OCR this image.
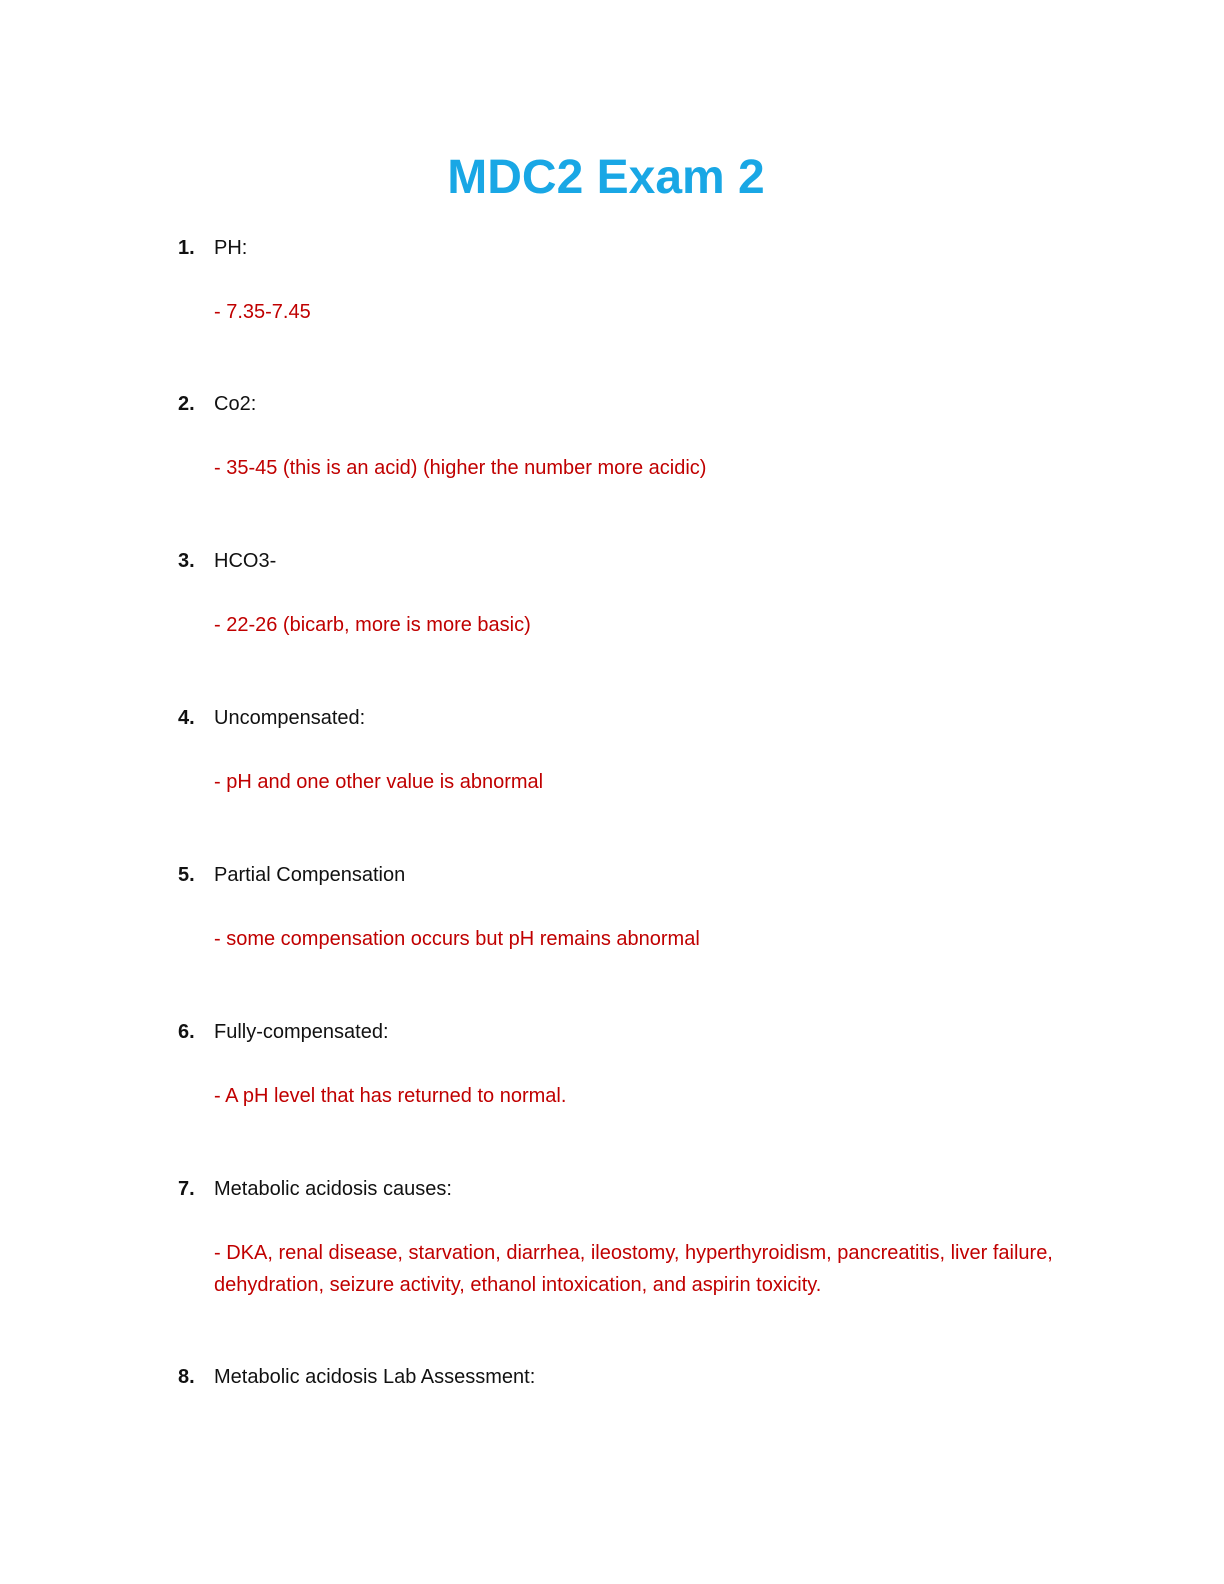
MDC2 Exam 2
1. PH:
- 7.35-7.45
2. Co2:
- 35-45 (this is an acid) (higher the number more acidic)
3. HCO3-
- 22-26 (bicarb, more is more basic)
4. Uncompensated:
- pH and one other value is abnormal
5. Partial Compensation
- some compensation occurs but pH remains abnormal
6. Fully-compensated:
- A pH level that has returned to normal.
7. Metabolic acidosis causes:
- DKA, renal disease, starvation, diarrhea, ileostomy, hyperthyroidism, pancreatitis, liver failure, dehydration, seizure activity, ethanol intoxication, and aspirin toxicity.
8. Metabolic acidosis Lab Assessment:
